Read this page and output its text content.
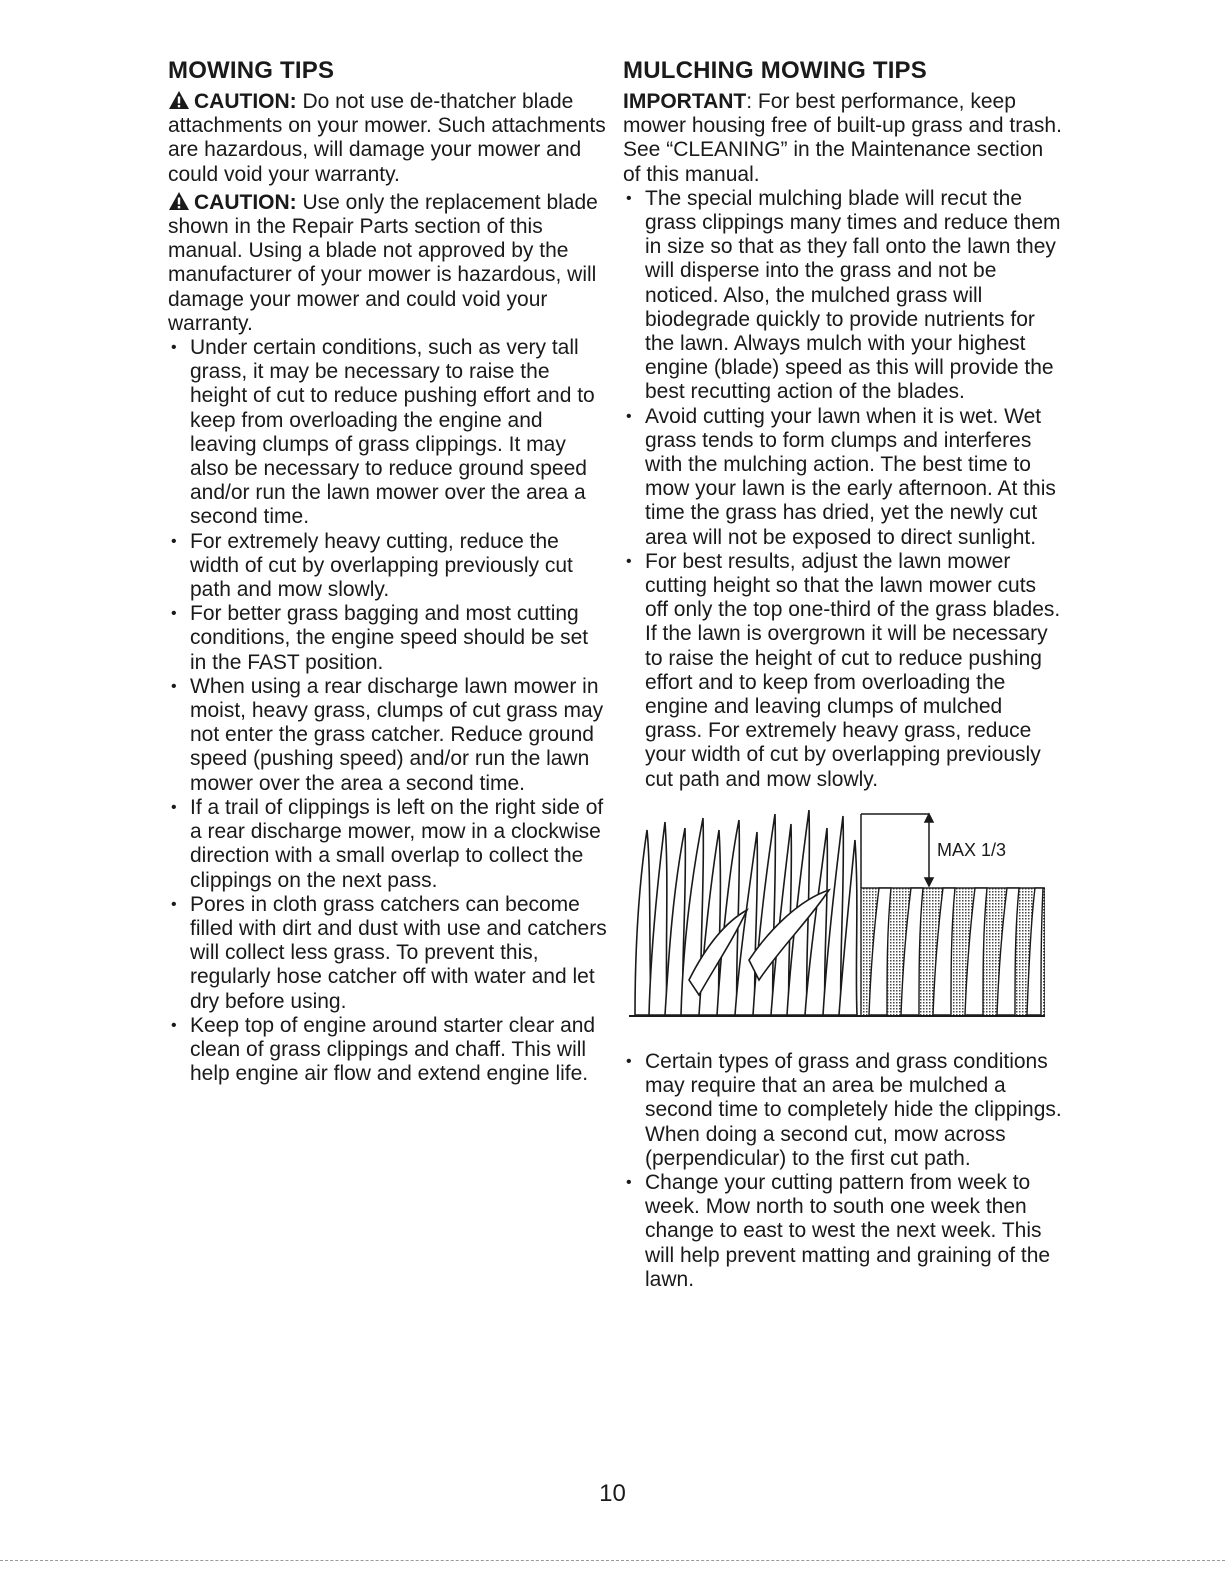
MOWING TIPS

CAUTION: Do not use de-thatcher blade attachments on your mower. Such attachments are hazardous, will damage your mower and could void your warranty.

CAUTION: Use only the replacement blade shown in the Repair Parts section of this manual. Using a blade not approved by the manufacturer of your mower is hazardous, will damage your mower and could void your warranty.

• Under certain conditions, such as very tall grass, it may be necessary to raise the height of cut to reduce pushing effort and to keep from overloading the engine and leaving clumps of grass clippings. It may also be necessary to reduce ground speed and/or run the lawn mower over the area a second time.
• For extremely heavy cutting, reduce the width of cut by overlapping previously cut path and mow slowly.
• For better grass bagging and most cutting conditions, the engine speed should be set in the FAST position.
• When using a rear discharge lawn mower in moist, heavy grass, clumps of cut grass may not enter the grass catcher. Reduce ground speed (pushing speed) and/or run the lawn mower over the area a second time.
• If a trail of clippings is left on the right side of a rear discharge mower, mow in a clockwise direction with a small overlap to collect the clippings on the next pass.
• Pores in cloth grass catchers can become filled with dirt and dust with use and catchers will collect less grass. To prevent this, regularly hose catcher off with water and let dry before using.
• Keep top of engine around starter clear and clean of grass clippings and chaff. This will help engine air flow and extend engine life.
MULCHING MOWING TIPS

IMPORTANT: For best performance, keep mower housing free of built-up grass and trash. See “CLEANING” in the Maintenance section of this manual.

• The special mulching blade will recut the grass clippings many times and reduce them in size so that as they fall onto the lawn they will disperse into the grass and not be noticed. Also, the mulched grass will biodegrade quickly to provide nutrients for the lawn. Always mulch with your highest engine (blade) speed as this will provide the best recutting action of the blades.
• Avoid cutting your lawn when it is wet. Wet grass tends to form clumps and interferes with the mulching action. The best time to mow your lawn is the early afternoon. At this time the grass has dried, yet the newly cut area will not be exposed to direct sunlight.
• For best results, adjust the lawn mower cutting height so that the lawn mower cuts off only the top one-third of the grass blades. If the lawn is overgrown it will be necessary to raise the height of cut to reduce pushing effort and to keep from overloading the engine and leaving clumps of mulched grass. For extremely heavy grass, reduce your width of cut by overlapping previously cut path and mow slowly.
MAX 1/3
• Certain types of grass and grass conditions may require that an area be mulched a second time to completely hide the clippings. When doing a second cut, mow across (perpendicular) to the first cut path.
• Change your cutting pattern from week to week. Mow north to south one week then change to east to west the next week. This will help prevent matting and graining of the lawn.
10
